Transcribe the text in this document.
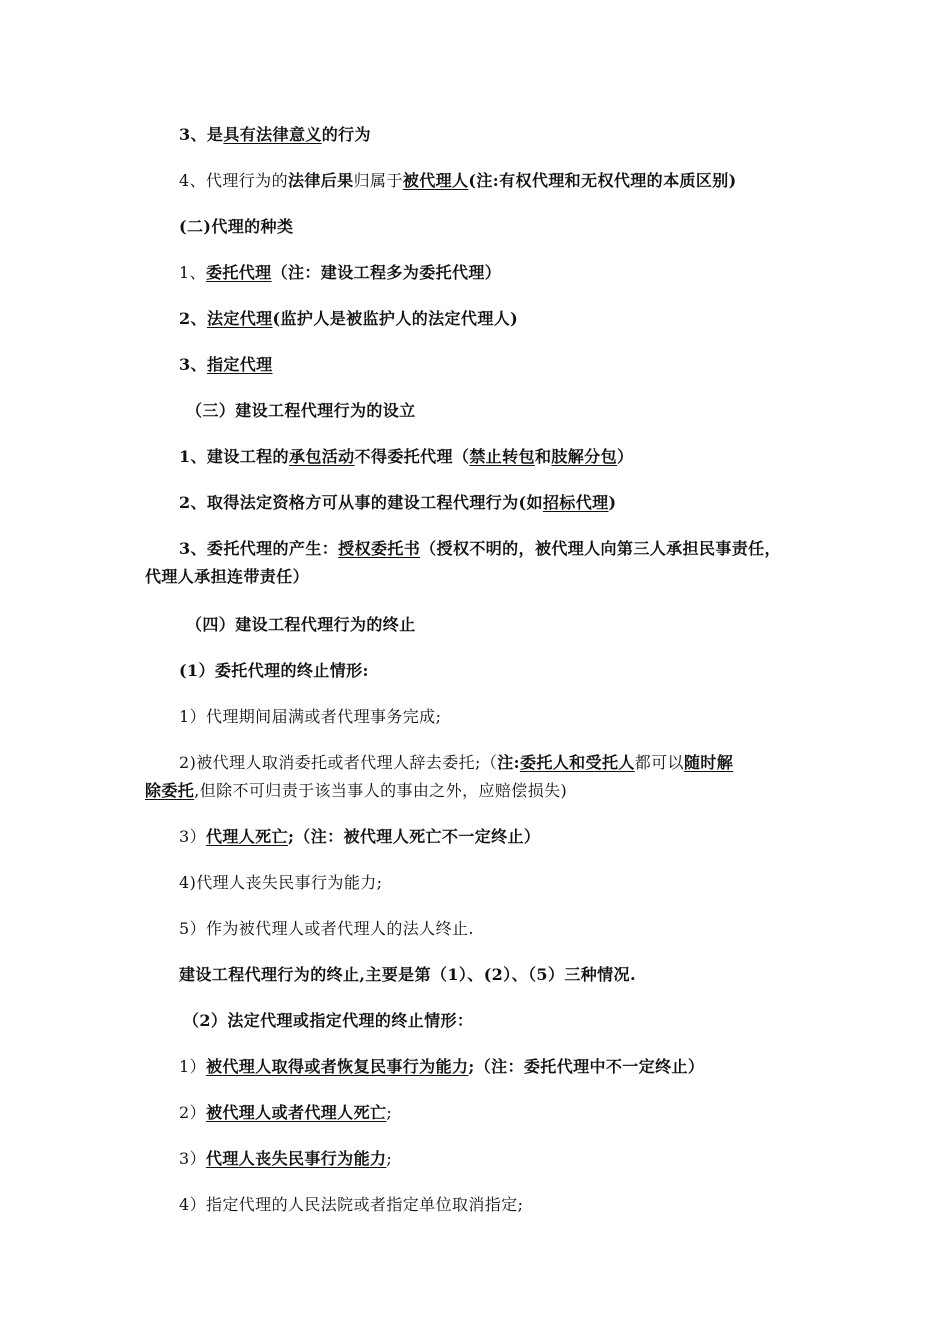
3、是具有法律意义的行为
4、代理行为的法律后果归属于被代理人(注:有权代理和无权代理的本质区别)
(二)代理的种类
1、委托代理（注：建设工程多为委托代理）
2、法定代理(监护人是被监护人的法定代理人)
3、指定代理
（三）建设工程代理行为的设立
1、建设工程的承包活动不得委托代理（禁止转包和肢解分包）
2、取得法定资格方可从事的建设工程代理行为(如招标代理)
3、委托代理的产生：授权委托书（授权不明的，被代理人向第三人承担民事责任，
代理人承担连带责任）
（四）建设工程代理行为的终止
(1）委托代理的终止情形:
1）代理期间届满或者代理事务完成;
2)被代理人取消委托或者代理人辞去委托;（注:委托人和受托人都可以随时解
除委托,但除不可归责于该当事人的事由之外，应赔偿损失)
3）代理人死亡;（注：被代理人死亡不一定终止）
4)代理人丧失民事行为能力;
5）作为被代理人或者代理人的法人终止.
建设工程代理行为的终止,主要是第（1）、(2）、（5）三种情况.
（2）法定代理或指定代理的终止情形：
1）被代理人取得或者恢复民事行为能力;（注：委托代理中不一定终止）
2）被代理人或者代理人死亡;
3）代理人丧失民事行为能力;
4）指定代理的人民法院或者指定单位取消指定;
